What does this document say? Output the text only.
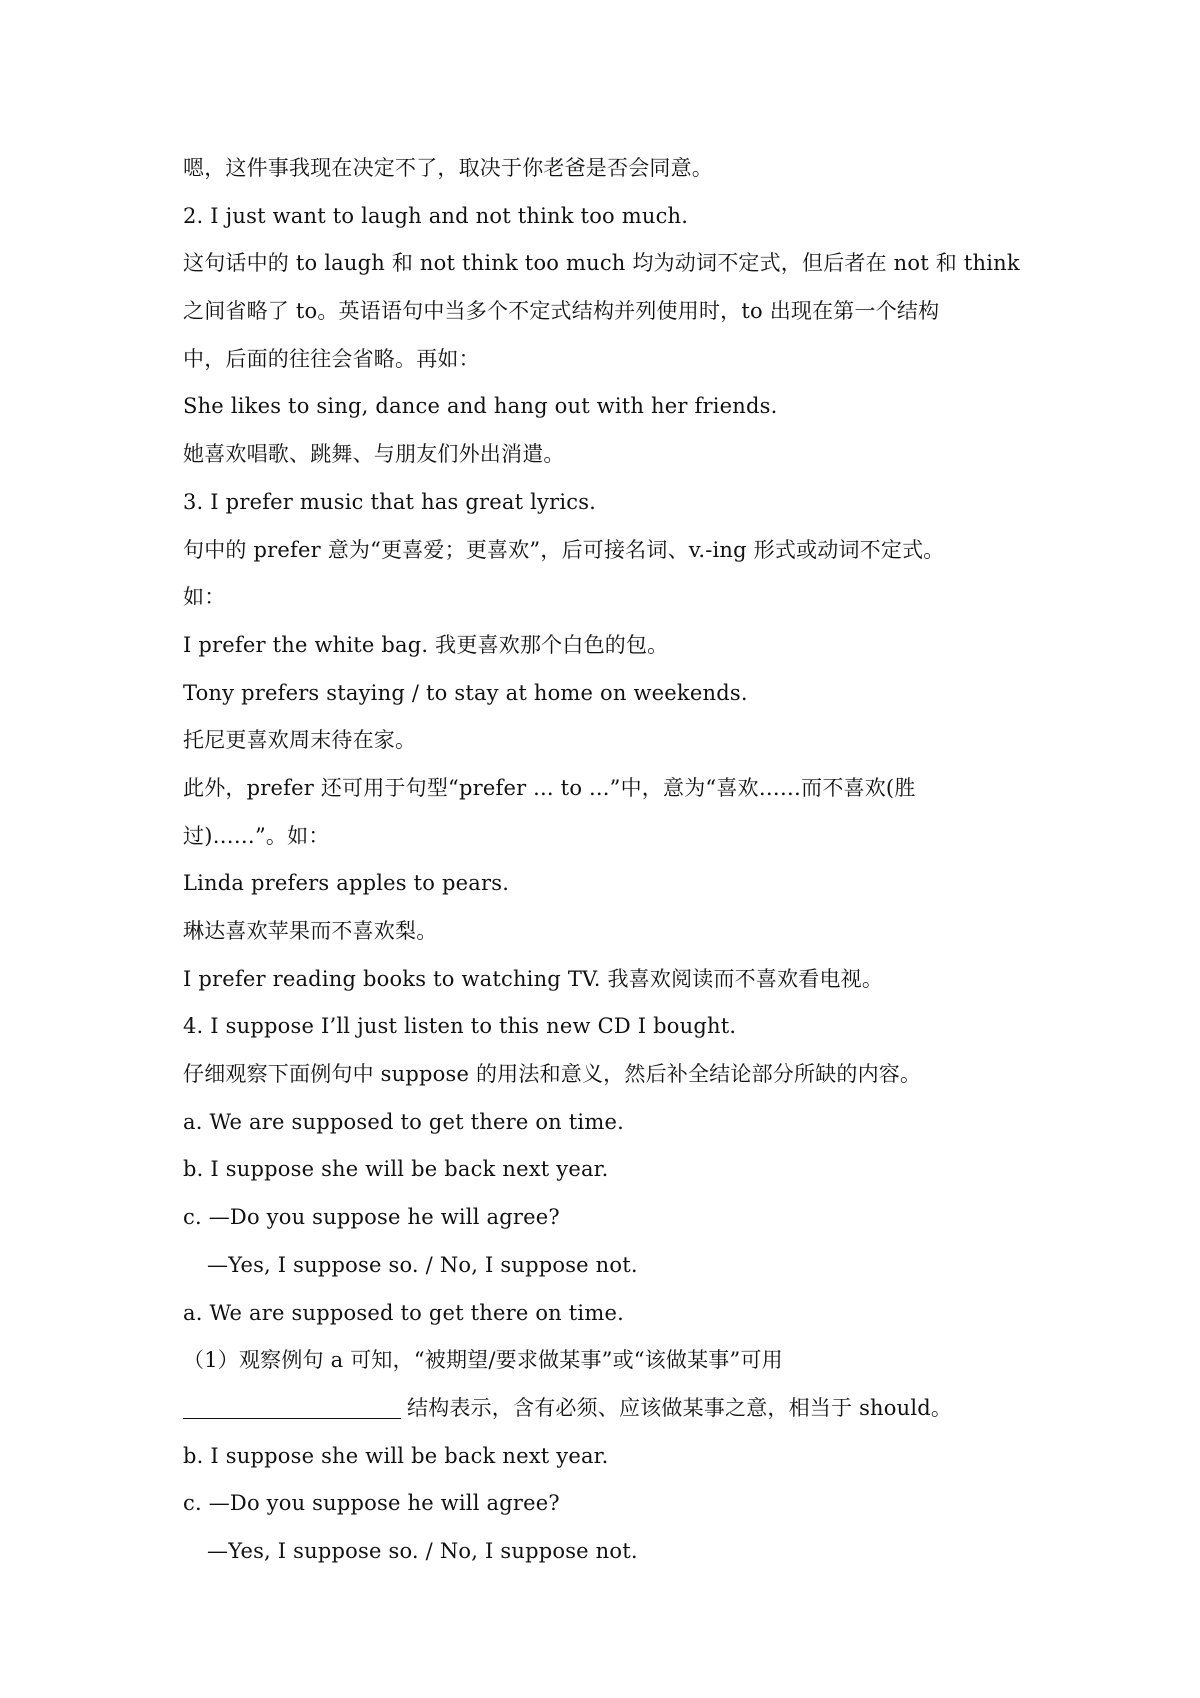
嗯，这件事我现在决定不了，取决于你老爸是否会同意。
2. I just want to laugh and not think too much.
这句话中的 to laugh 和 not think too much 均为动词不定式，但后者在 not 和 think
之间省略了 to。英语语句中当多个不定式结构并列使用时，to 出现在第一个结构
中，后面的往往会省略。再如：
She likes to sing, dance and hang out with her friends.
她喜欢唱歌、跳舞、与朋友们外出消遣。
3. I prefer music that has great lyrics.
句中的 prefer 意为“更喜爱；更喜欢”，后可接名词、v.-ing 形式或动词不定式。
如：
I prefer the white bag. 我更喜欢那个白色的包。
Tony prefers staying / to stay at home on weekends.
托尼更喜欢周末待在家。
此外，prefer 还可用于句型“prefer ... to ...”中，意为“喜欢……而不喜欢(胜
过)……”。如：
Linda prefers apples to pears.
琳达喜欢苹果而不喜欢梨。
I prefer reading books to watching TV. 我喜欢阅读而不喜欢看电视。
4. I suppose I’ll just listen to this new CD I bought.
仔细观察下面例句中 suppose 的用法和意义，然后补全结论部分所缺的内容。
a. We are supposed to get there on time.
b. I suppose she will be back next year.
c. —Do you suppose he will agree?
—Yes, I suppose so. / No, I suppose not.
a. We are supposed to get there on time.
（1）观察例句 a 可知，“被期望/要求做某事”或“该做某事”可用
结构表示，含有必须、应该做某事之意，相当于 should。
b. I suppose she will be back next year.
c. —Do you suppose he will agree?
—Yes, I suppose so. / No, I suppose not.
